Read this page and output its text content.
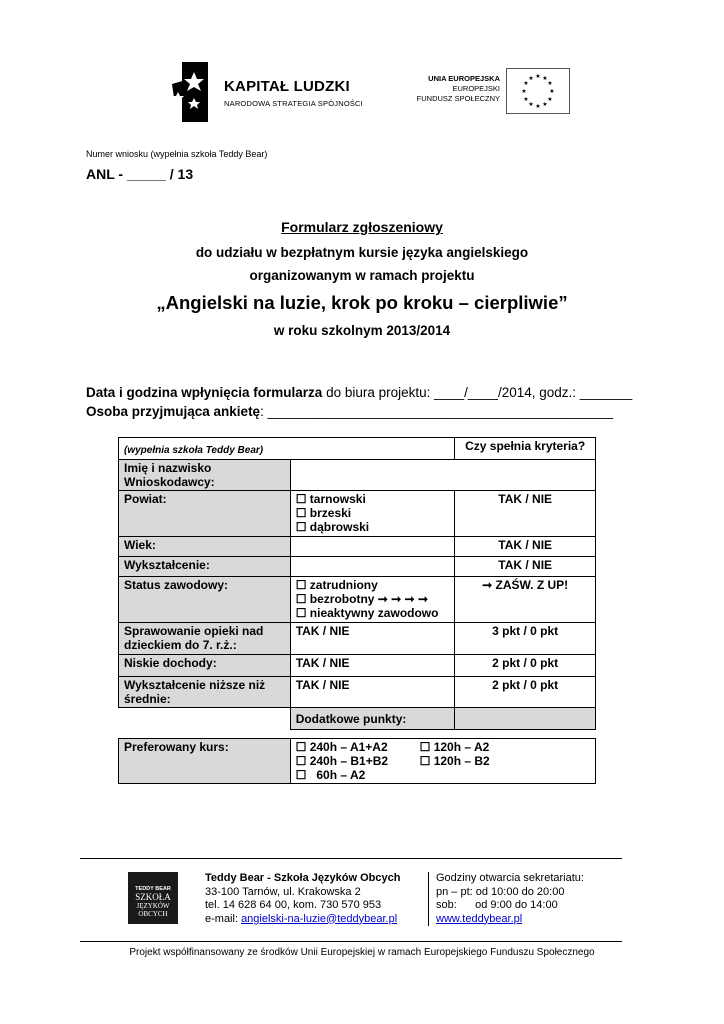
KAPITAŁ LUDZKI
NARODOWA STRATEGIA SPÓJNOŚCI
UNIA EUROPEJSKA
EUROPEJSKI
FUNDUSZ SPOŁECZNY
★ ★
★
★
★
★
★
★
★
★
★
★
Numer wniosku (wypełnia szkoła Teddy Bear)
ANL - _____ / 13
Formularz zgłoszeniowy
do udziału w bezpłatnym kursie języka angielskiego
organizowanym w ramach projektu
„Angielski na luzie, krok po kroku – cierpliwie”
w roku szkolnym 2013/2014
Data i godzina wpłynięcia formularza do biura projektu: ____/____/2014, godz.: _______
Osoba przyjmująca ankietę: ______________________________________________
(wypełnia szkoła Teddy Bear)		Czy spełnia kryteria?
Imię i nazwisko Wnioskodawcy:		
Powiat:	☐ tarnowski
☐ brzeski
☐ dąbrowski	TAK / NIE
Wiek:		TAK / NIE
Wykształcenie:		TAK / NIE
Status zawodowy:	☐ zatrudniony
☐ bezrobotny ➞ ➞ ➞ ➞
☐ nieaktywny zawodowo	➞ ZAŚW. Z UP!
Sprawowanie opieki nad dzieckiem do 7. r.ż.:	TAK / NIE	3 pkt / 0 pkt
Niskie dochody:	TAK / NIE	2 pkt / 0 pkt
Wykształcenie niższe niż średnie:	TAK / NIE	2 pkt / 0 pkt
	Dodatkowe punkty:	
Preferowany kurs:	☐ 240h – A1+A2	☐ 120h – A2
☐ 240h – B1+B2	☐ 120h – B2
☐   60h – A2
TEDDY BEAR
SZKOŁA
JĘZYKÓW
OBCYCH
Teddy Bear - Szkoła Języków Obcych
33-100 Tarnów, ul. Krakowska 2
tel. 14 628 64 00, kom. 730 570 953
e-mail: angielski-na-luzie@teddybear.pl
Godziny otwarcia sekretariatu:
pn – pt: od 10:00 do 20:00
sob:      od 9:00 do 14:00
www.teddybear.pl
Projekt współfinansowany ze środków Unii Europejskiej w ramach Europejskiego Funduszu Społecznego
